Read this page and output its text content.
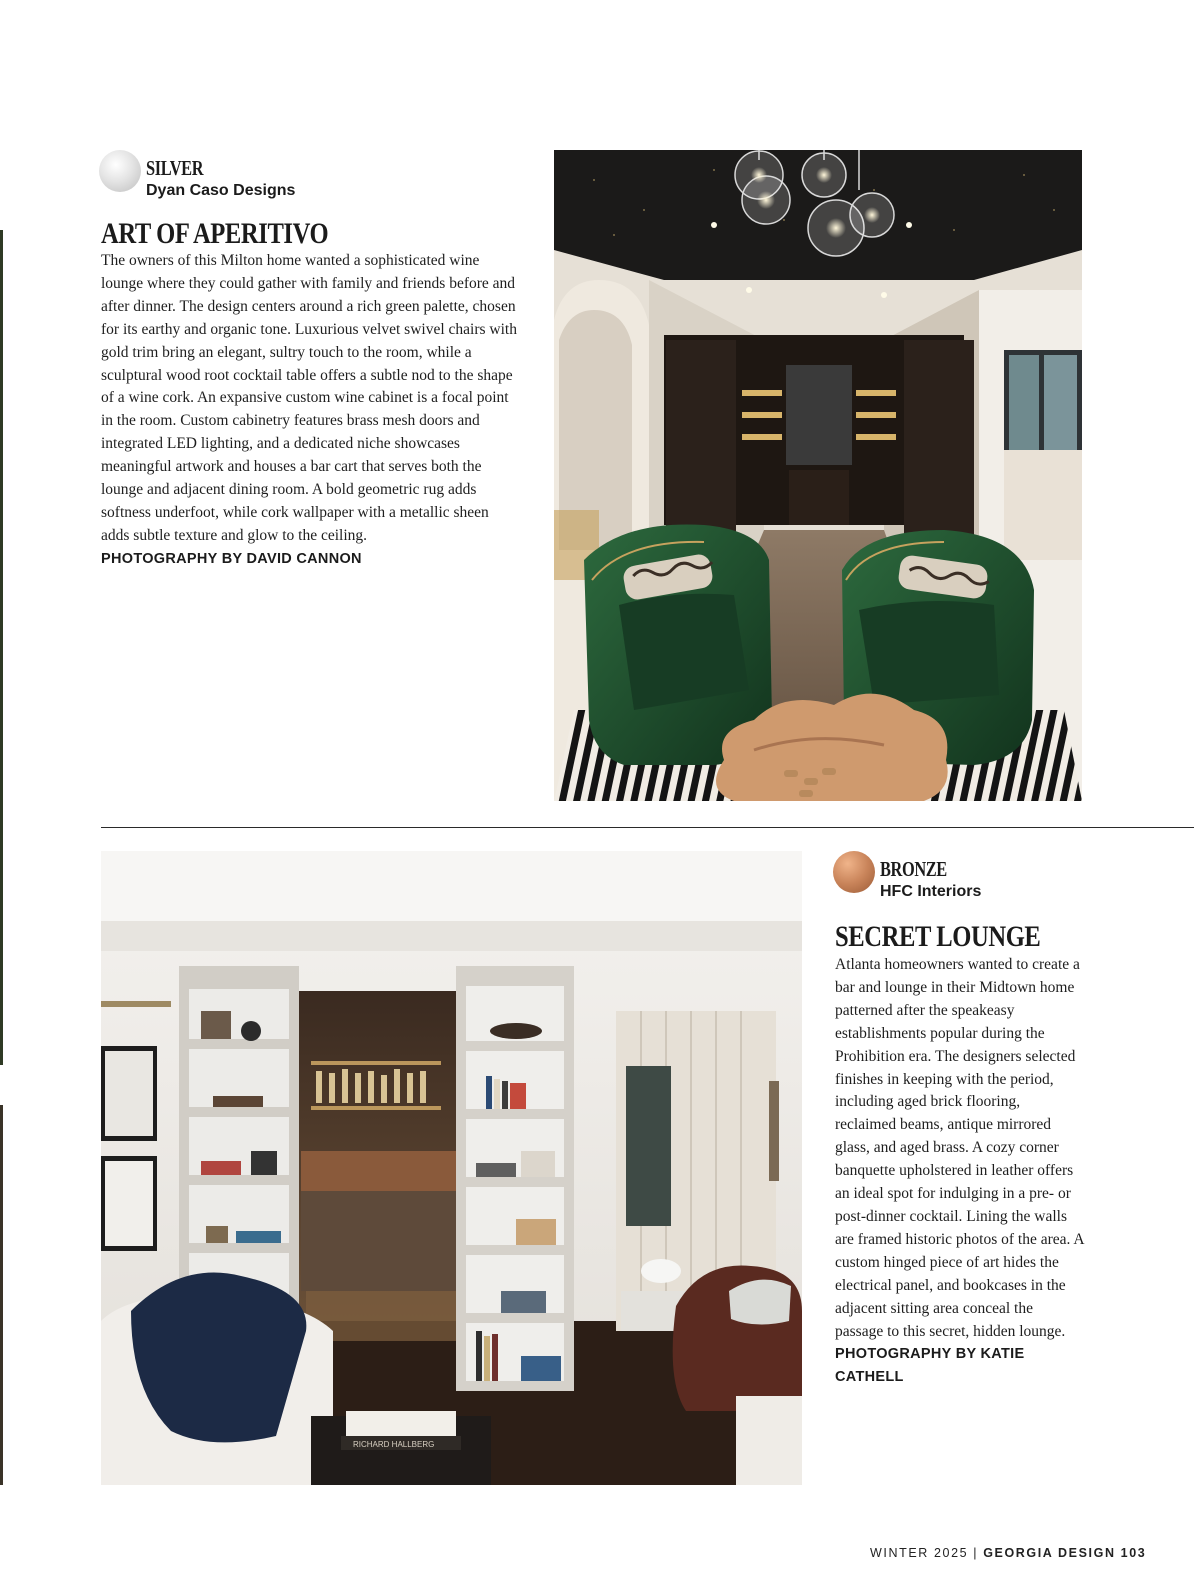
SILVER
Dyan Caso Designs
ART OF APERITIVO
The owners of this Milton home wanted a sophisticated wine lounge where they could gather with family and friends before and after dinner. The design centers around a rich green palette, chosen for its earthy and organic tone. Luxurious velvet swivel chairs with gold trim bring an elegant, sultry touch to the room, while a sculptural wood root cocktail table offers a subtle nod to the shape of a wine cork. An expansive custom wine cabinet is a focal point in the room. Custom cabinetry features brass mesh doors and integrated LED lighting, and a dedicated niche showcases meaningful artwork and houses a bar cart that serves both the lounge and adjacent dining room. A bold geometric rug adds softness underfoot, while cork wallpaper with a metallic sheen adds subtle texture and glow to the ceiling.
PHOTOGRAPHY BY DAVID CANNON
RICHARD HALLBERG
BRONZE
HFC Interiors
SECRET LOUNGE
Atlanta homeowners wanted to create a bar and lounge in their Midtown home patterned after the speakeasy establishments popular during the Prohibition era. The designers selected finishes in keeping with the period, including aged brick flooring, reclaimed beams, antique mirrored glass, and aged brass. A cozy corner banquette upholstered in leather offers an ideal spot for indulging in a pre- or post-dinner cocktail. Lining the walls are framed historic photos of the area. A custom hinged piece of art hides the electrical panel, and bookcases in the adjacent sitting area conceal the passage to this secret, hidden lounge. PHOTOGRAPHY BY KATIE CATHELL
WINTER 2025 | GEORGIA DESIGN 103
